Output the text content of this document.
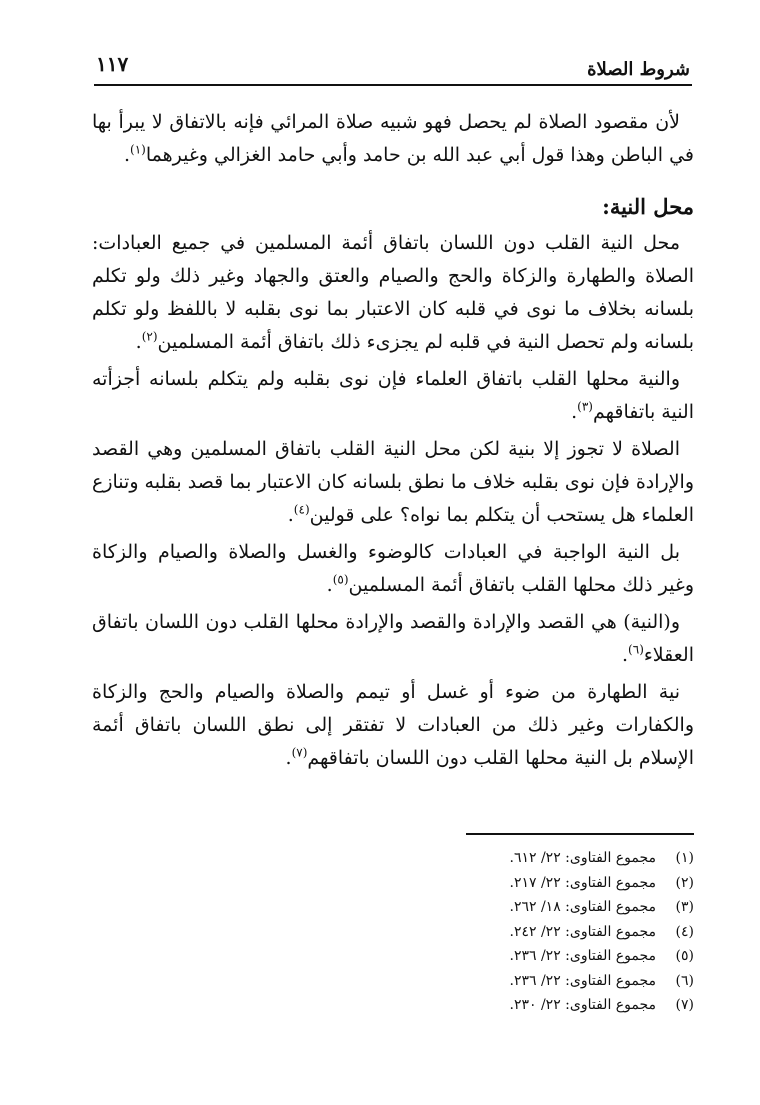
شروط الصلاة
١١٧

لأن مقصود الصلاة لم يحصل فهو شبيه صلاة المرائي فإنه بالاتفاق لا يبرأ بها في الباطن وهذا قول أبي عبد الله بن حامد وأبي حامد الغزالي وغيرهما$^{(١)}$.

محل النية:

محل النية القلب دون اللسان باتفاق أئمة المسلمين في جميع العبادات: الصلاة والطهارة والزكاة والحج والصيام والعتق والجهاد وغير ذلك ولو تكلم بلسانه بخلاف ما نوى في قلبه كان الاعتبار بما نوى بقلبه لا باللفظ ولو تكلم بلسانه ولم تحصل النية في قلبه لم يجزىء ذلك باتفاق أئمة المسلمين$^{(٢)}$.

والنية محلها القلب باتفاق العلماء فإن نوى بقلبه ولم يتكلم بلسانه أجزأته النية باتفاقهم$^{(٣)}$.

الصلاة لا تجوز إلا بنية لكن محل النية القلب باتفاق المسلمين وهي القصد والإرادة فإن نوى بقلبه خلاف ما نطق بلسانه كان الاعتبار بما قصد بقلبه وتنازع العلماء هل يستحب أن يتكلم بما نواه؟ على قولين$^{(٤)}$.

بل النية الواجبة في العبادات كالوضوء والغسل والصلاة والصيام والزكاة وغير ذلك محلها القلب باتفاق أئمة المسلمين$^{(٥)}$.

و(النية) هي القصد والإرادة والقصد والإرادة محلها القلب دون اللسان باتفاق العقلاء$^{(٦)}$.

نية الطهارة من ضوء أو غسل أو تيمم والصلاة والصيام والحج والزكاة والكفارات وغير ذلك من العبادات لا تفتقر إلى نطق اللسان باتفاق أئمة الإسلام بل النية محلها القلب دون اللسان باتفاقهم$^{(٧)}$.

(١)
مجموع الفتاوى: ٢٢/ ٦١٢.
(٢)
مجموع الفتاوى: ٢٢/ ٢١٧.
(٣)
مجموع الفتاوى: ١٨/ ٢٦٢.
(٤)
مجموع الفتاوى: ٢٢/ ٢٤٢.
(٥)
مجموع الفتاوى: ٢٢/ ٢٣٦.
(٦)
مجموع الفتاوى: ٢٢/ ٢٣٦.
(٧)
مجموع الفتاوى: ٢٢/ ٢٣٠.
